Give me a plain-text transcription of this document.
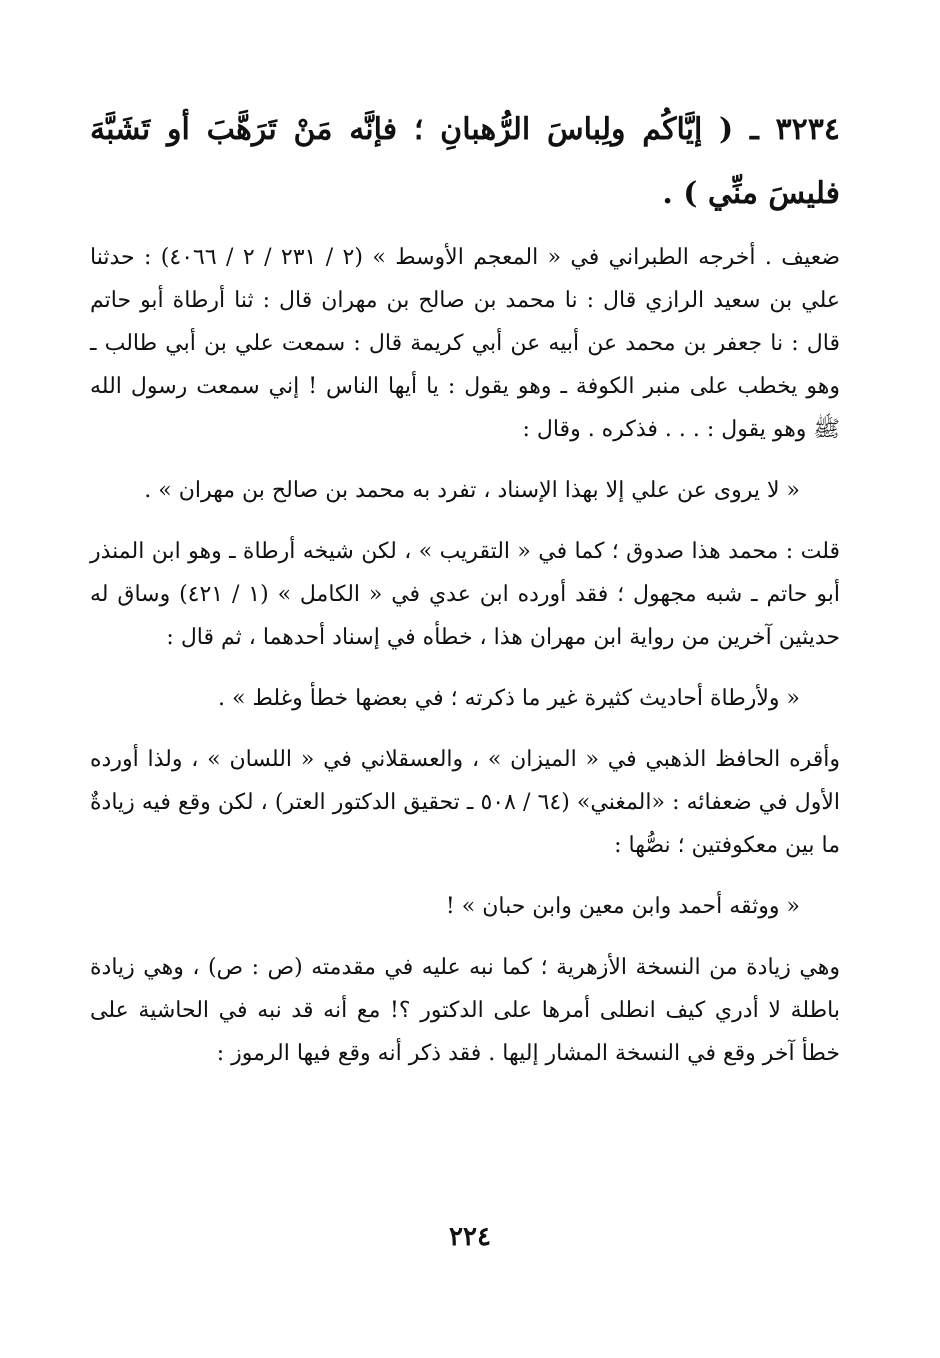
٣٢٣٤ ـ ( إيَّاكُم ولِباسَ الرُّهبانِ ؛ فإنَّه مَنْ تَرَهَّبَ أو تَشَبَّهَ فليسَ منِّي ) .

ضعيف . أخرجه الطبراني في « المعجم الأوسط » (٢ / ٢٣١ / ٢ / ٤٠٦٦) : حدثنا علي بن سعيد الرازي قال : نا محمد بن صالح بن مهران قال : ثنا أرطاة أبو حاتم قال : نا جعفر بن محمد عن أبيه عن أبي كريمة قال : سمعت علي بن أبي طالب ـ وهو يخطب على منبر الكوفة ـ وهو يقول : يا أيها الناس ! إني سمعت رسول الله ﷺ وهو يقول : . . . فذكره . وقال :

« لا يروى عن علي إلا بهذا الإسناد ، تفرد به محمد بن صالح بن مهران » .

قلت : محمد هذا صدوق ؛ كما في « التقريب » ، لكن شيخه أرطاة ـ وهو ابن المنذر أبو حاتم ـ شبه مجهول ؛ فقد أورده ابن عدي في « الكامل » (١ / ٤٢١) وساق له حديثين آخرين من رواية ابن مهران هذا ، خطأه في إسناد أحدهما ، ثم قال :

« ولأرطاة أحاديث كثيرة غير ما ذكرته ؛ في بعضها خطأ وغلط » .

وأقره الحافظ الذهبي في « الميزان » ، والعسقلاني في « اللسان » ، ولذا أورده الأول في ضعفائه : «المغني» (٦٤ / ٥٠٨ ـ تحقيق الدكتور العتر) ، لكن وقع فيه زيادةٌ ما بين معكوفتين ؛ نصُّها :

« ووثقه أحمد وابن معين وابن حبان » !

وهي زيادة من النسخة الأزهرية ؛ كما نبه عليه في مقدمته (ص : ص) ، وهي زيادة باطلة لا أدري كيف انطلى أمرها على الدكتور ؟! مع أنه قد نبه في الحاشية على خطأ آخر وقع في النسخة المشار إليها . فقد ذكر أنه وقع فيها الرموز :

٢٢٤
